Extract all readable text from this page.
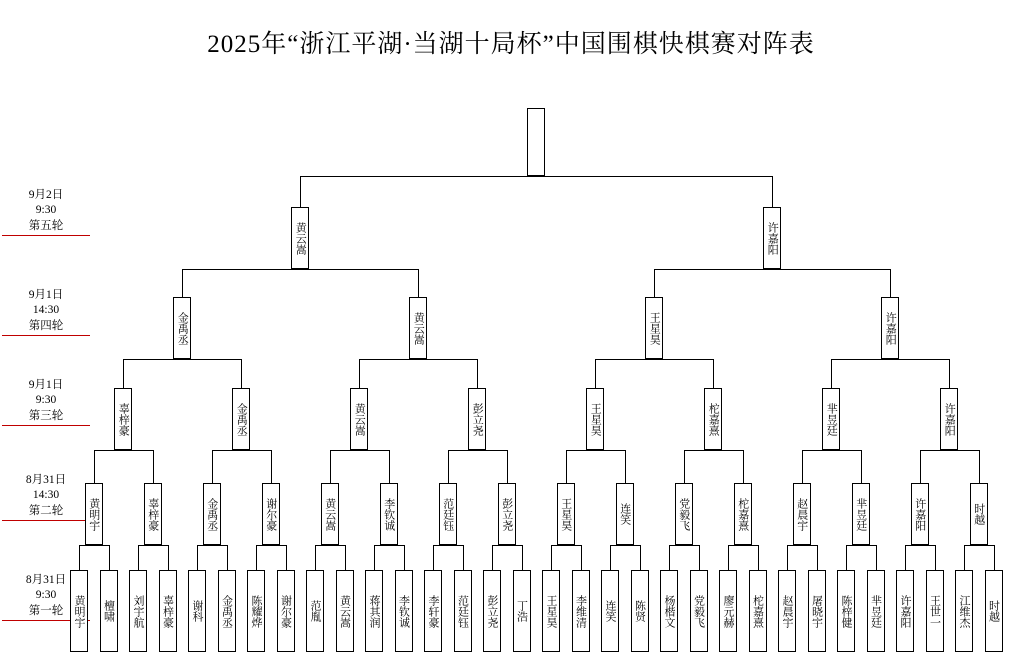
2025年“浙江平湖·当湖十局杯”中国围棋快棋赛对阵表
9月2日
9:30
第五轮
9月1日
14:30
第四轮
9月1日
9:30
第三轮
8月31日
14:30
第二轮
8月31日
9:30
第一轮 黄明宇 檀啸 刘宇航 辜梓豪 谢科 金禹丞 陈耀烨 谢尔豪 范胤 黄云嵩 蒋其润 李钦诚 李轩豪 范廷钰 彭立尧 丁浩 王星昊 李维清 连笑 陈贤 杨楷文 党毅飞 廖元赫 柁嘉熹 赵晨宇 屠晓宇 陈梓健 芈昱廷 许嘉阳 王世一 江维杰 时越
黄明宇	辜梓豪	金禹丞	谢尔豪	黄云嵩	李钦诚	范廷钰	彭立尧	王星昊	连笑	党毅飞	柁嘉熹	赵晨宇	芈昱廷	许嘉阳	时越
辜梓豪	金禹丞	黄云嵩	彭立尧	王星昊	柁嘉熹	芈昱廷	许嘉阳
金禹丞	黄云嵩	王星昊	许嘉阳
黄云嵩	许嘉阳
